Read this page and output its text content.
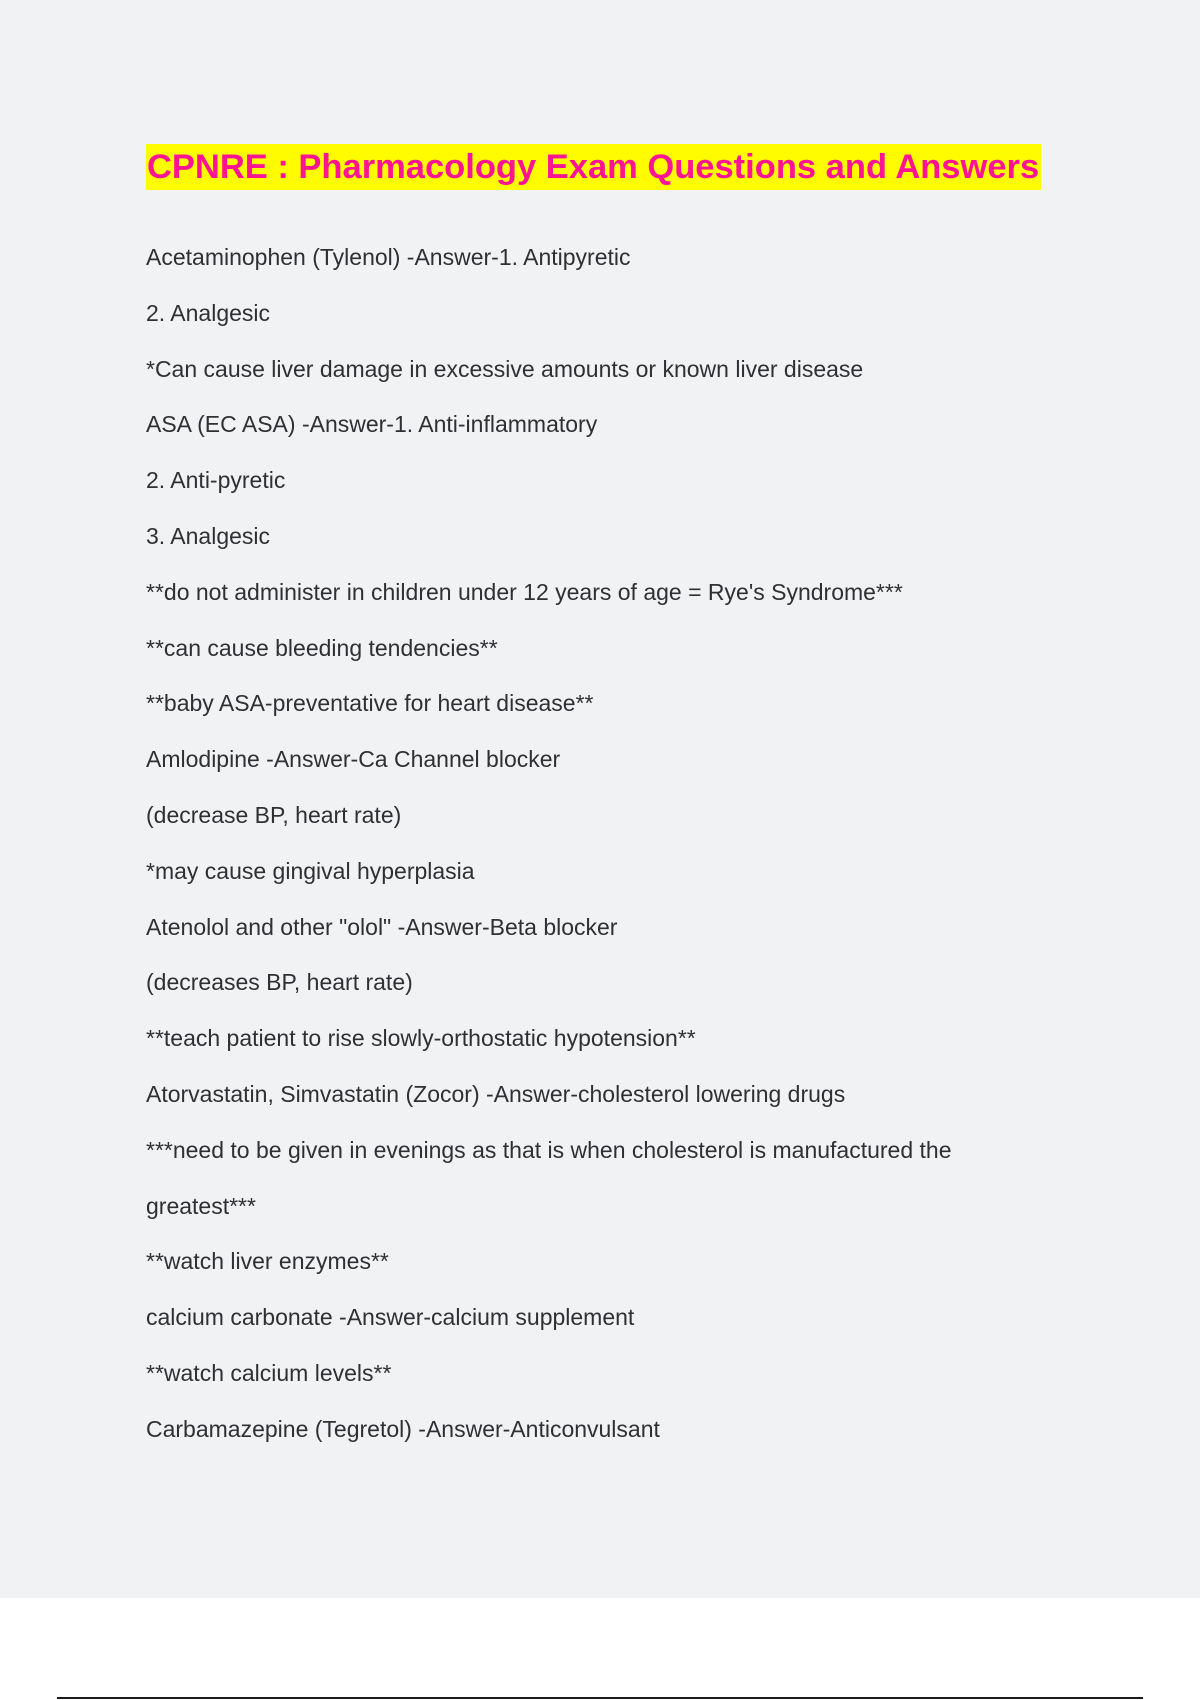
CPNRE : Pharmacology Exam Questions and Answers
Acetaminophen (Tylenol) -Answer-1. Antipyretic
2. Analgesic
*Can cause liver damage in excessive amounts or known liver disease
ASA (EC ASA) -Answer-1. Anti-inflammatory
2. Anti-pyretic
3. Analgesic
**do not administer in children under 12 years of age = Rye's Syndrome***
**can cause bleeding tendencies**
**baby ASA-preventative for heart disease**
Amlodipine -Answer-Ca Channel blocker
(decrease BP, heart rate)
*may cause gingival hyperplasia
Atenolol and other "olol" -Answer-Beta blocker
(decreases BP, heart rate)
**teach patient to rise slowly-orthostatic hypotension**
Atorvastatin, Simvastatin (Zocor) -Answer-cholesterol lowering drugs
***need to be given in evenings as that is when cholesterol is manufactured the
greatest***
**watch liver enzymes**
calcium carbonate -Answer-calcium supplement
**watch calcium levels**
Carbamazepine (Tegretol) -Answer-Anticonvulsant
